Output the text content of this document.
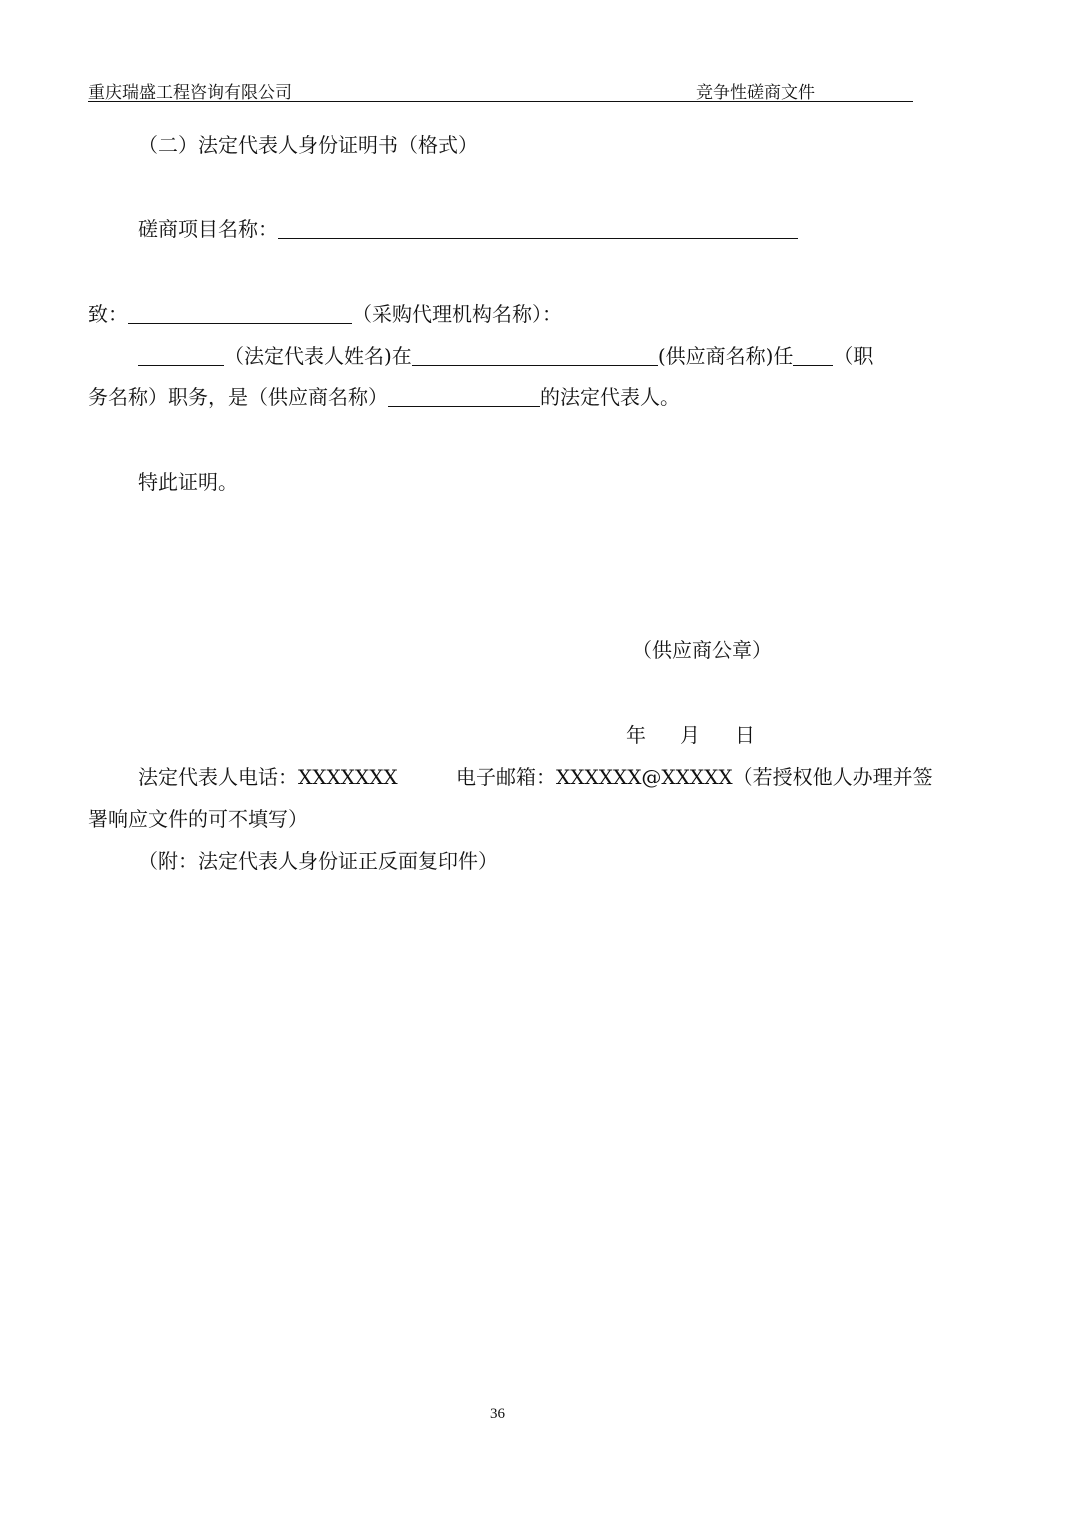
重庆瑞盛工程咨询有限公司	竞争性磋商文件
（二）法定代表人身份证明书（格式）
磋商项目名称：
致：	（采购代理机构名称）：
（法定代表人姓名)在	(供应商名称)任 （职
务名称）职务，是（供应商名称）	的法定代表人。
特此证明。
（供应商公章）
年 月 日
法定代表人电话：XXXXXXX	电子邮箱：XXXXXX@XXXXX（若授权他人办理并签
署响应文件的可不填写）
（附：法定代表人身份证正反面复印件）
36
